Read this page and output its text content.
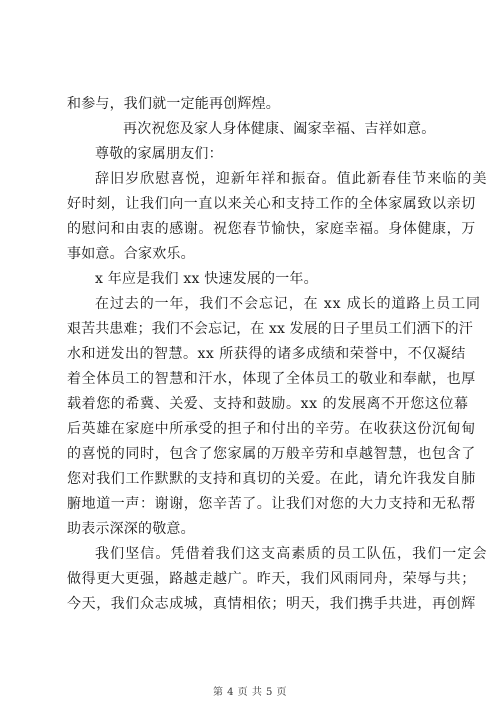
和参与，我们就一定能再创辉煌。
再次祝您及家人身体健康、阖家幸福、吉祥如意。
尊敬的家属朋友们：
辞旧岁欣慰喜悦，迎新年祥和振奋。值此新春佳节来临的美
好时刻，让我们向一直以来关心和支持工作的全体家属致以亲切
的慰问和由衷的感谢。祝您春节愉快，家庭幸福。身体健康，万
事如意。合家欢乐。
x 年应是我们 xx 快速发展的一年。
在过去的一年，我们不会忘记，在 xx 成长的道路上员工同
艰苦共患难；我们不会忘记，在 xx 发展的日子里员工们洒下的汗
水和迸发出的智慧。xx 所获得的诸多成绩和荣誉中，不仅凝结
着全体员工的智慧和汗水，体现了全体员工的敬业和奉献，也厚
载着您的希冀、关爱、支持和鼓励。xx 的发展离不开您这位幕
后英雄在家庭中所承受的担子和付出的辛劳。在收获这份沉甸甸
的喜悦的同时，包含了您家属的万般辛劳和卓越智慧，也包含了
您对我们工作默默的支持和真切的关爱。在此，请允许我发自肺
腑地道一声：谢谢，您辛苦了。让我们对您的大力支持和无私帮
助表示深深的敬意。
我们坚信。凭借着我们这支高素质的员工队伍，我们一定会
做得更大更强，路越走越广。昨天，我们风雨同舟，荣辱与共；
今天，我们众志成城，真情相依；明天，我们携手共进，再创辉
第 4 页 共 5 页
